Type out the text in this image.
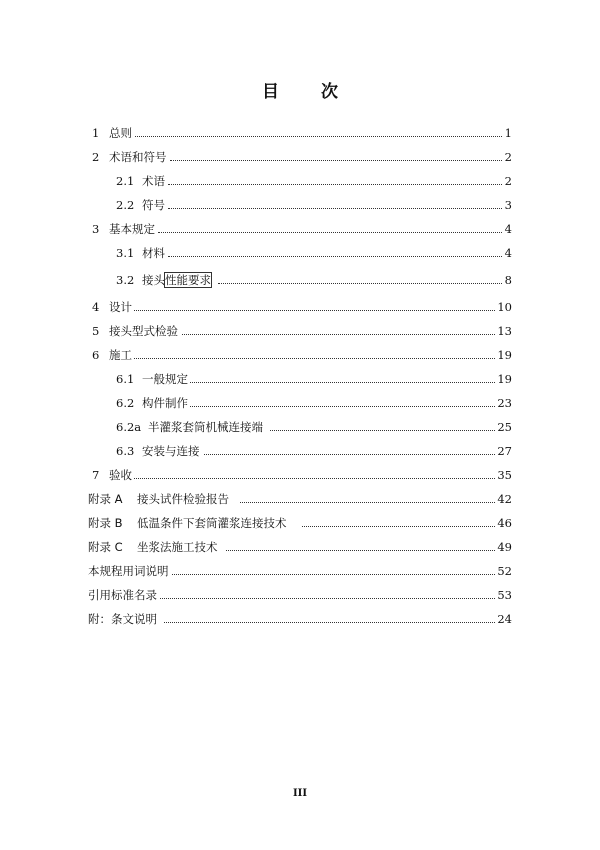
目 次
1 总则	1
2 术语和符号	2
2.1 术语	2
2.2 符号	3
3 基本规定	4
3.1 材料	4
3.2 接头性能要求	8
4 设计	10
5 接头型式检验	13
6 施工	19
6.1 一般规定	19
6.2 构件制作	23
6.2a 半灌浆套筒机械连接端	25
6.3 安装与连接	27
7 验收	35
附录 A 接头试件检验报告	42
附录 B 低温条件下套筒灌浆连接技术	46
附录 C 坐浆法施工技术	49
本规程用词说明	52
引用标准名录	53
附：条文说明	24
III
